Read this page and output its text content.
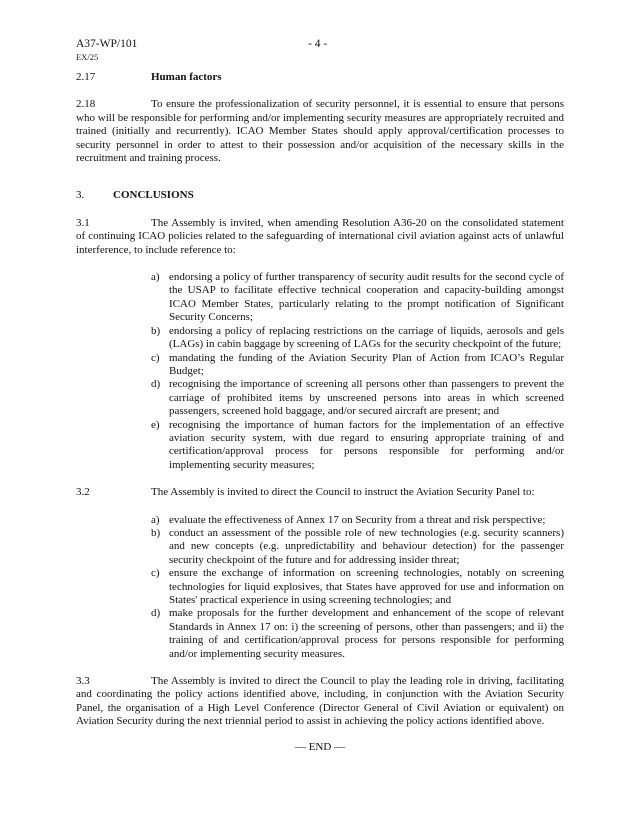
A37-WP/101
EX/25
- 4 -
2.17	Human factors

2.18	To ensure the professionalization of security personnel, it is essential to ensure that persons who will be responsible for performing and/or implementing security measures are appropriately recruited and trained (initially and recurrently). ICAO Member States should apply approval/certification processes to security personnel in order to attest to their possession and/or acquisition of the necessary skills in the recruitment and training process.

3.	CONCLUSIONS

3.1	The Assembly is invited, when amending Resolution A36-20 on the consolidated statement of continuing ICAO policies related to the safeguarding of international civil aviation against acts of unlawful interference, to include reference to:

a) endorsing a policy of further transparency of security audit results for the second cycle of the USAP to facilitate effective technical cooperation and capacity-building amongst ICAO Member States, particularly relating to the prompt notification of Significant Security Concerns;
b) endorsing a policy of replacing restrictions on the carriage of liquids, aerosols and gels (LAGs) in cabin baggage by screening of LAGs for the security checkpoint of the future;
c) mandating the funding of the Aviation Security Plan of Action from ICAO’s Regular Budget;
d) recognising the importance of screening all persons other than passengers to prevent the carriage of prohibited items by unscreened persons into areas in which screened passengers, screened hold baggage, and/or secured aircraft are present; and
e) recognising the importance of human factors for the implementation of an effective aviation security system, with due regard to ensuring appropriate training of and certification/approval process for persons responsible for performing and/or implementing security measures;
3.2	The Assembly is invited to direct the Council to instruct the Aviation Security Panel to:
a) evaluate the effectiveness of Annex 17 on Security from a threat and risk perspective;
b) conduct an assessment of the possible role of new technologies (e.g. security scanners) and new concepts (e.g. unpredictability and behaviour detection) for the passenger security checkpoint of the future and for addressing insider threat;
c) ensure the exchange of information on screening technologies, notably on screening technologies for liquid explosives, that States have approved for use and information on States' practical experience in using screening technologies; and
d) make proposals for the further development and enhancement of the scope of relevant Standards in Annex 17 on: i) the screening of persons, other than passengers; and ii) the training of and certification/approval process for persons responsible for performing and/or implementing security measures.

3.3	The Assembly is invited to direct the Council to play the leading role in driving, facilitating and coordinating the policy actions identified above, including, in conjunction with the Aviation Security Panel, the organisation of a High Level Conference (Director General of Civil Aviation or equivalent) on Aviation Security during the next triennial period to assist in achieving the policy actions identified above.

— END —
